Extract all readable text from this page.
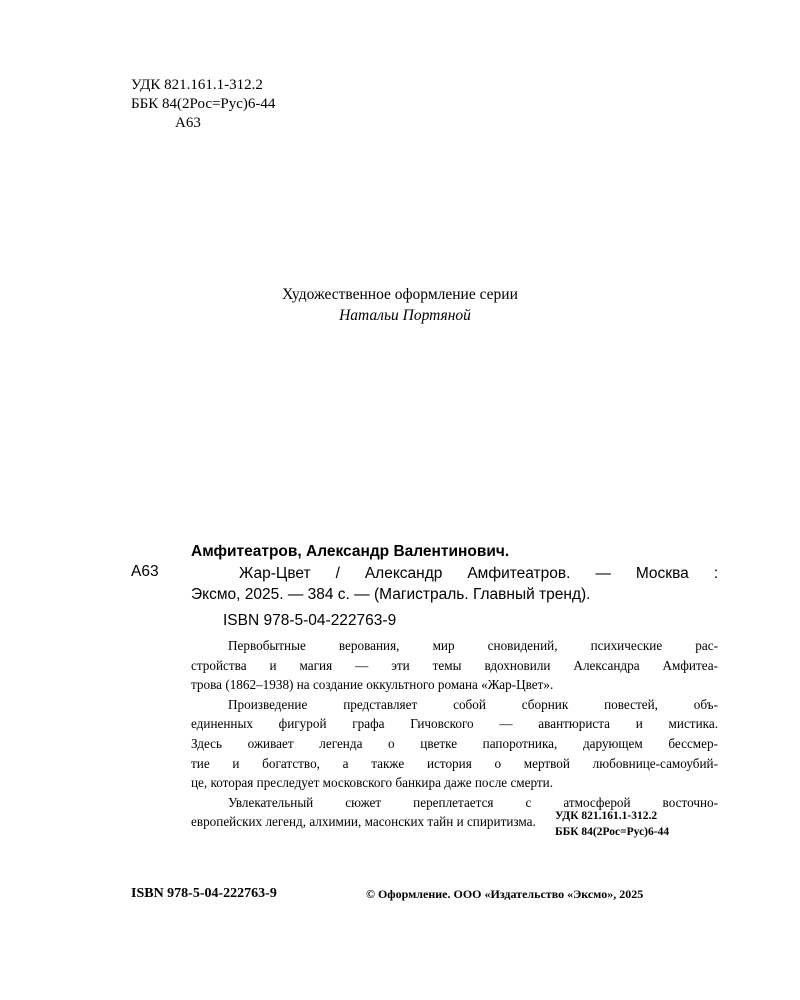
УДК 821.161.1-312.2
ББК 84(2Рос=Рус)6-44
А63
Художественное оформление серии
Натальи Портяной
Амфитеатров, Александр Валентинович.
А63	Жар-Цвет / Александр Амфитеатров. — Москва :
Эксмо, 2025. — 384 с. — (Магистраль. Главный тренд).
ISBN 978-5-04-222763-9
Первобытные верования, мир сновидений, психические рас-
стройства и магия — эти темы вдохновили Александра Амфитеа-
трова (1862–1938) на создание оккультного романа «Жар-Цвет».
Произведение представляет собой сборник повестей, объ-
единенных фигурой графа Гичовского — авантюриста и мистика.
Здесь оживает легенда о цветке папоротника, дарующем бессмер-
тие и богатство, а также история о мертвой любовнице-самоубий-
це, которая преследует московского банкира даже после смерти.
Увлекательный сюжет переплетается с атмосферой восточно-
европейских легенд, алхимии, масонских тайн и спиритизма.	УДК 821.161.1-312.2
ББК 84(2Рос=Рус)6-44
ISBN 978-5-04-222763-9	© Оформление. ООО «Издательство «Эксмо», 2025
